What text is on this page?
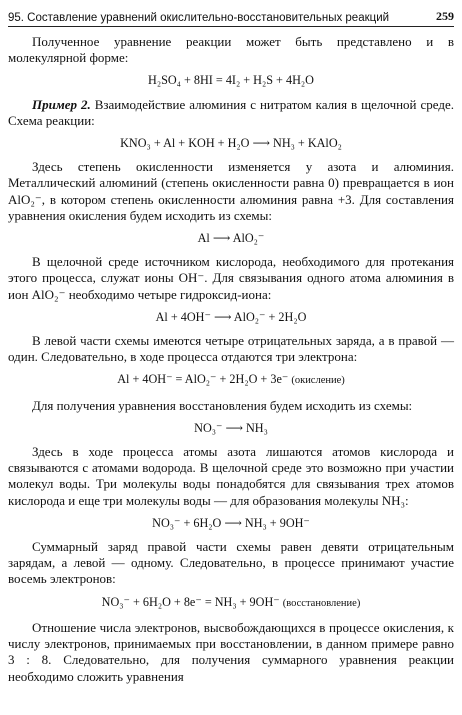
95. Составление уравнений окислительно-восстановительных реакций	259

Полученное уравнение реакции может быть представлено и в молекулярной форме:

H₂SO₄ + 8HI = 4I₂ + H₂S + 4H₂O

Пример 2. Взаимодействие алюминия с нитратом калия в щелочной среде. Схема реакции:

KNO₃ + Al + KOH + H₂O ⟶ NH₃ + KAlO₂

Здесь степень окисленности изменяется у азота и алюминия. Металлический алюминий (степень окисленности равна 0) превращается в ион AlO₂⁻, в котором степень окисленности алюминия равна +3. Для составления уравнения окисления будем исходить из схемы:

Al ⟶ AlO₂⁻

В щелочной среде источником кислорода, необходимого для протекания этого процесса, служат ионы OH⁻. Для связывания одного атома алюминия в ион AlO₂⁻ необходимо четыре гидроксид-иона:

Al + 4OH⁻ ⟶ AlO₂⁻ + 2H₂O

В левой части схемы имеются четыре отрицательных заряда, а в правой — один. Следовательно, в ходе процесса отдаются три электрона:

Al + 4OH⁻ = AlO₂⁻ + 2H₂O + 3e⁻ (окисление)

Для получения уравнения восстановления будем исходить из схемы:

NO₃⁻ ⟶ NH₃

Здесь в ходе процесса атомы азота лишаются атомов кислорода и связываются с атомами водорода. В щелочной среде это возможно при участии молекул воды. Три молекулы воды понадобятся для связывания трех атомов кислорода и еще три молекулы воды — для образования молекулы NH₃:

NO₃⁻ + 6H₂O ⟶ NH₃ + 9OH⁻

Суммарный заряд правой части схемы равен девяти отрицательным зарядам, а левой — одному. Следовательно, в процессе принимают участие восемь электронов:

NO₃⁻ + 6H₂O + 8e⁻ = NH₃ + 9OH⁻ (восстановление)

Отношение числа электронов, высвобождающихся в процессе окисления, к числу электронов, принимаемых при восстановлении, в данном примере равно 3 : 8. Следовательно, для получения суммарного уравнения реакции необходимо сложить уравнения
